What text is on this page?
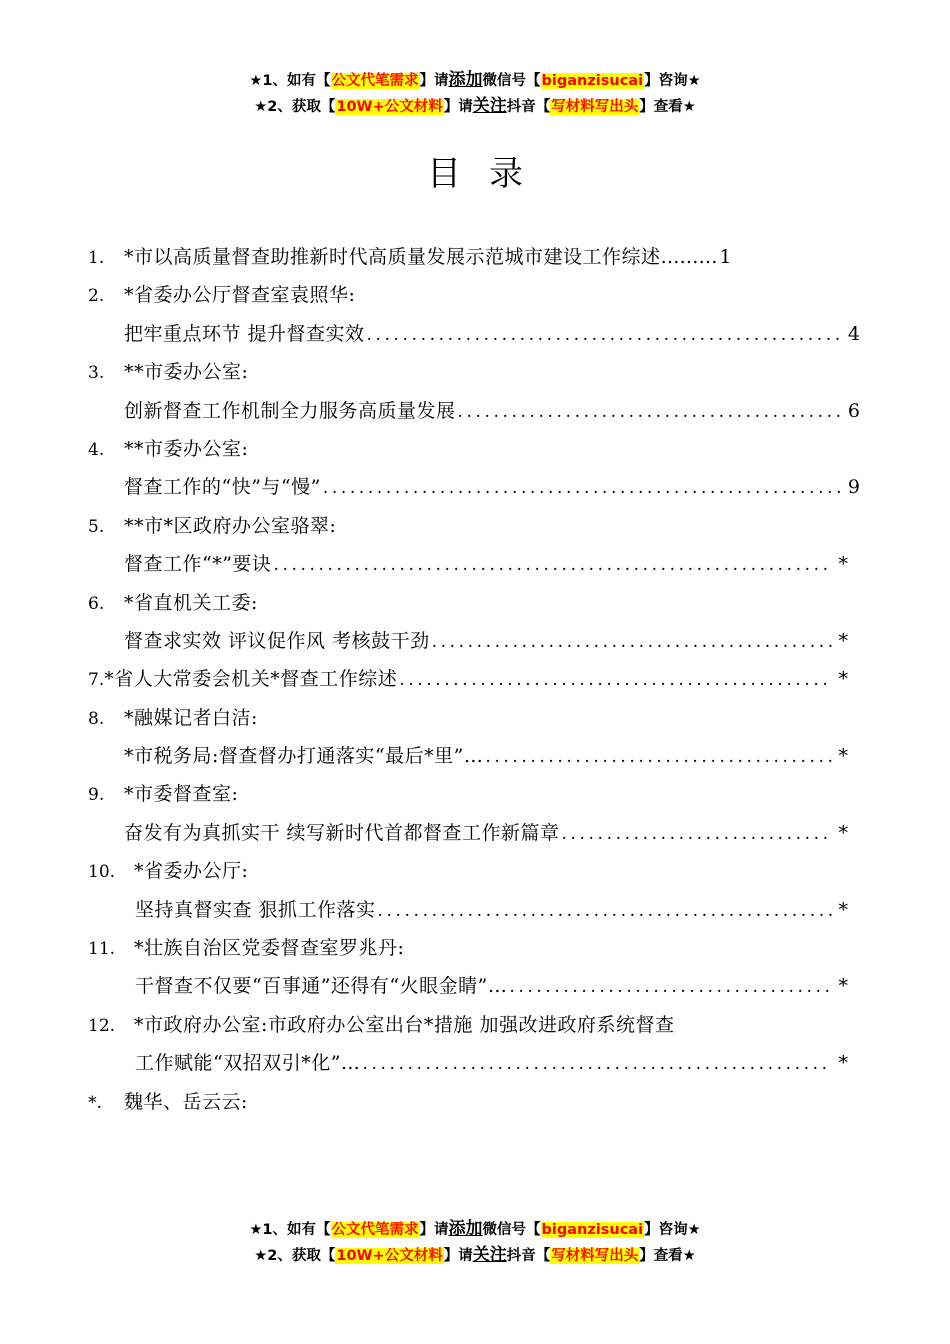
★1、如有【公文代笔需求】请添加微信号【biganzisucai】咨询★
★2、获取【10W+公文材料】请关注抖音【写材料写出头】查看★
目录
1.	*市以高质量督查助推新时代高质量发展示范城市建设工作综述 ……… 1
2. *省委办公厅督查室袁照华:
把牢重点环节 提升督查实效 .....	4
3. **市委办公室:
创新督查工作机制全力服务高质量发展 .....	6
4. **市委办公室:
督查工作的“快”与“慢” .....	9
5. **市*区政府办公室骆翠:
督查工作“*”要诀 .....	*
6. *省直机关工委:
督查求实效 评议促作风 考核鼓干劲 .....	*
7. *省人大常委会机关*督查工作综述 .....	*
8. *融媒记者白洁:
*市税务局:督查督办打通落实“最后*里”… .....	*
9. *市委督查室:
奋发有为真抓实干 续写新时代首都督查工作新篇章 .....	*
10. *省委办公厅:
坚持真督实查 狠抓工作落实 .....	*
11. *壮族自治区党委督查室罗兆丹:
干督查不仅要“百事通”还得有“火眼金睛”… .....	*
12. *市政府办公室:市政府办公室出台*措施 加强改进政府系统督查
工作赋能“双招双引*化”… .....	*
*. 魏华、岳云云:
★1、如有【公文代笔需求】请添加微信号【biganzisucai】咨询★
★2、获取【10W+公文材料】请关注抖音【写材料写出头】查看★
